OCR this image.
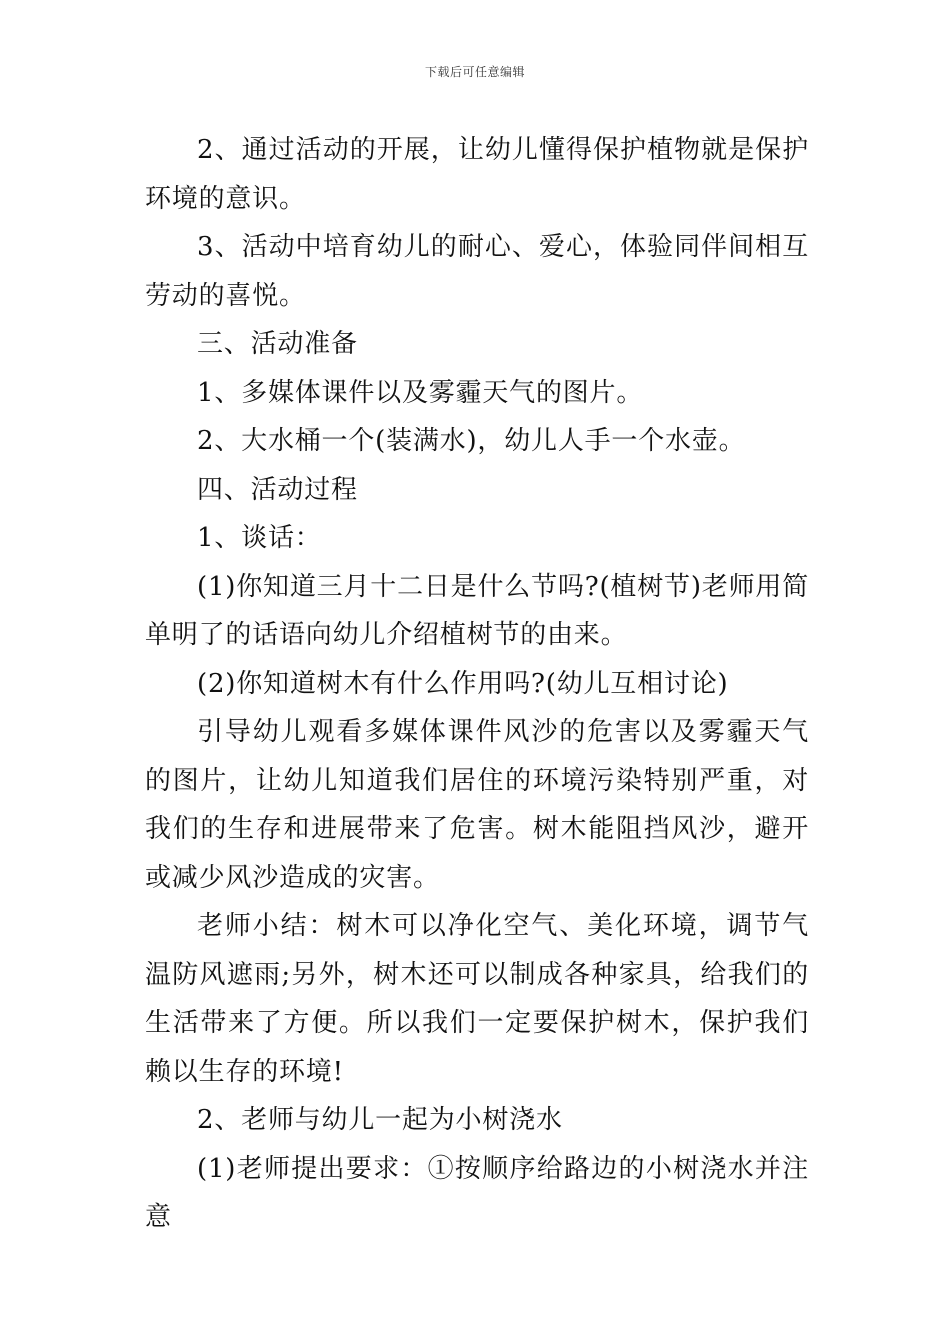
下载后可任意编辑

2、通过活动的开展，让幼儿懂得保护植物就是保护环境的意识。

3、活动中培育幼儿的耐心、爱心，体验同伴间相互劳动的喜悦。

三、活动准备

1、多媒体课件以及雾霾天气的图片。

2、大水桶一个(装满水)，幼儿人手一个水壶。

四、活动过程

1、谈话：

(1)你知道三月十二日是什么节吗?(植树节)老师用简单明了的话语向幼儿介绍植树节的由来。

(2)你知道树木有什么作用吗?(幼儿互相讨论)

引导幼儿观看多媒体课件风沙的危害以及雾霾天气的图片，让幼儿知道我们居住的环境污染特别严重，对我们的生存和进展带来了危害。树木能阻挡风沙，避开或减少风沙造成的灾害。

老师小结：树木可以净化空气、美化环境，调节气温防风遮雨;另外，树木还可以制成各种家具，给我们的生活带来了方便。所以我们一定要保护树木，保护我们赖以生存的环境!

2、老师与幼儿一起为小树浇水

(1)老师提出要求：①按顺序给路边的小树浇水并注意
